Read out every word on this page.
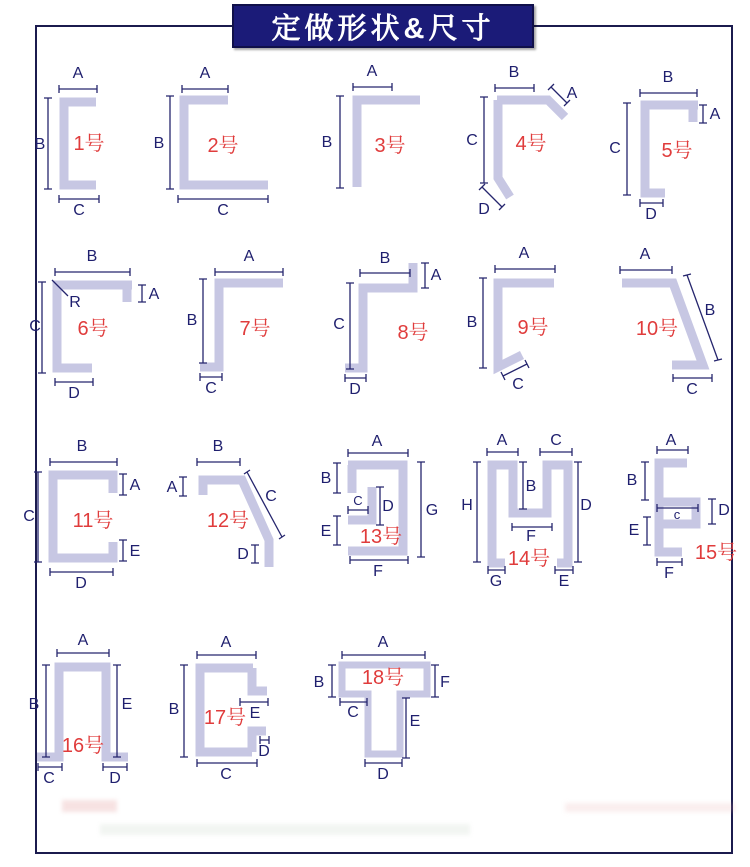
定做形状&尺寸
A
B
C
1号
A
B
C
2号
A
B 3号
B
C
A
D
4号
B
A
C
D
5号
B
A
R
C
D
6号
A
B
C
7号
B
A
C
D
8号
A
B
C
9号
A
B
C
10号
B
A
C
E
D
11号
B
A
C
D
12号
A
B
C D
E
F
G
13号
A	C
B
F
H	D
G	E
14号
A
B
c D
E
F
15号
A
B	E
C	D
16号
A
E
D
B
C
17号
A
B	F
C
E
D
18号
